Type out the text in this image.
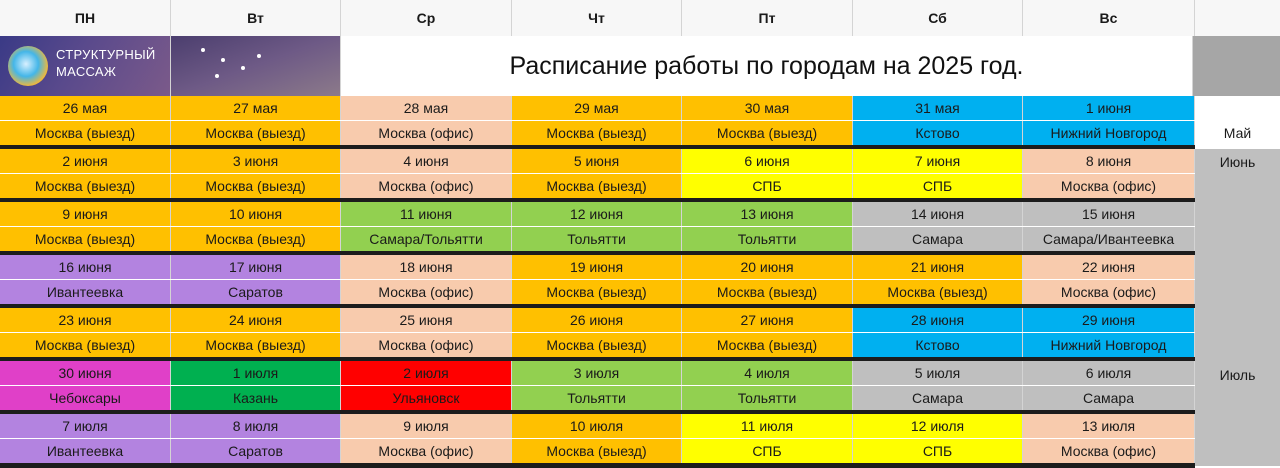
ПН	Вт	Ср	Чт	Пт	Сб	Вс
СТРУКТУРНЫЙ
МАССАЖ	Расписание работы по городам на 2025 год.
26 мая	27 мая	28 мая	29 мая	30 мая	31 мая	1 июня
Москва (выезд)	Москва (выезд)	Москва (офис)	Москва (выезд)	Москва (выезд)	Кстово	Нижний Новгород
2 июня	3 июня	4 июня	5 июня	6 июня	7 июня	8 июня
Москва (выезд)	Москва (выезд)	Москва (офис)	Москва (выезд)	СПБ	СПБ	Москва (офис)
9 июня	10 июня	11 июня	12 июня	13 июня	14 июня	15 июня
Москва (выезд)	Москва (выезд)	Самара/Тольятти	Тольятти	Тольятти	Самара	Самара/Ивантеевка
16 июня	17 июня	18 июня	19 июня	20 июня	21 июня	22 июня
Ивантеевка	Саратов	Москва (офис)	Москва (выезд)	Москва (выезд)	Москва (выезд)	Москва (офис)
23 июня	24 июня	25 июня	26 июня	27 июня	28 июня	29 июня
Москва (выезд)	Москва (выезд)	Москва (офис)	Москва (выезд)	Москва (выезд)	Кстово	Нижний Новгород
30 июня	1 июля	2 июля	3 июля	4 июля	5 июля	6 июля
Чебоксары	Казань	Ульяновск	Тольятти	Тольятти	Самара	Самара
7 июля	8 июля	9 июля	10 июля	11 июля	12 июля	13 июля
Ивантеевка	Саратов	Москва (офис)	Москва (выезд)	СПБ	СПБ	Москва (офис)
Май
Июнь
Июль
